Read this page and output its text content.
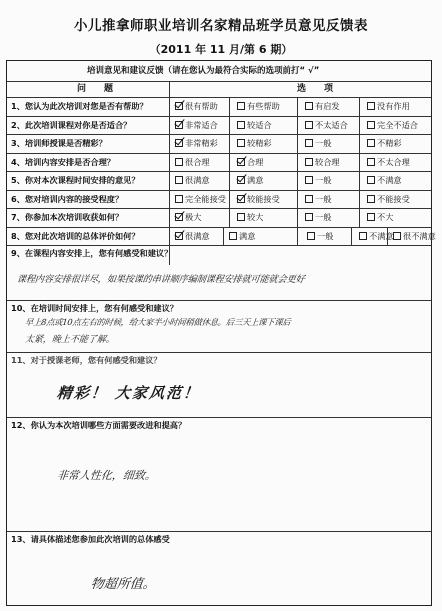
小儿推拿师职业培训名家精品班学员意见反馈表
（2011 年 11 月/第 6 期）
培训意见和建议反馈（请在您认为最符合实际的选项前打“ √”
问　　题	选　　项
1、您认为此次培训对您是否有帮助？	很有帮助	有些帮助	有启发	没有作用
2、此次培训课程对你是否适合？	非常适合	较适合	不太适合	完全不适合
3、培训师授课是否精彩？	非常精彩	较精彩	一般	不精彩
4、培训内容安排是否合理？	很合理	合理	较合理	不太合理
5、你对本次课程时间安排的意见？	很满意	满意	一般	不满意
6、您对培训内容的接受程度？	完全能接受	较能接受	一般	不能接受
7、你参加本次培训收获如何？	极大	较大	一般	不大
8、您对此次培训的总体评价如何？	很满意	满意	一般	不满意	很不满意
9、在课程内容安排上，您有何感受和建议？
课程内容安排很详尽，如果按课的串讲顺序编制课程安排就可能就会更好
10、在培训时间安排上，您有何感受和建议？
早上8点或10点左右的时候，给大家半小时间稍做休息。后三天上课下课后
太紧，晚上不能了解。
11、对于授课老师，您有何感受和建议？
精彩！ 大家风范！
12、你认为本次培训哪些方面需要改进和提高？
非常人性化，细致。
13、请具体描述您参加此次培训的总体感受
物超所值。
